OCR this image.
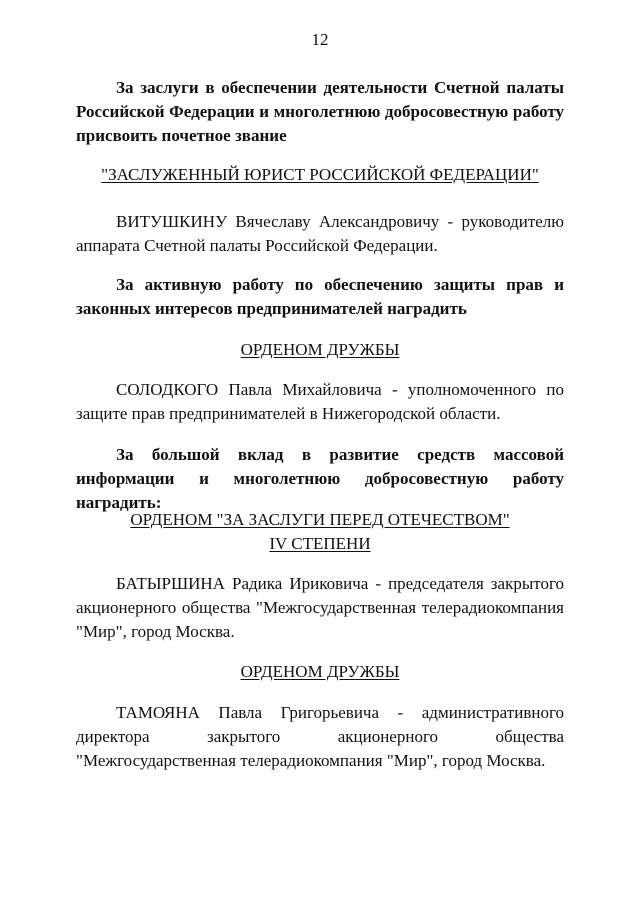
12
За заслуги в обеспечении деятельности Счетной палаты Российской Федерации и многолетнюю добросовестную работу присвоить почетное звание
"ЗАСЛУЖЕННЫЙ ЮРИСТ РОССИЙСКОЙ ФЕДЕРАЦИИ"
ВИТУШКИНУ Вячеславу Александровичу - руководителю аппарата Счетной палаты Российской Федерации.
За активную работу по обеспечению защиты прав и законных интересов предпринимателей наградить
ОРДЕНОМ ДРУЖБЫ
СОЛОДКОГО Павла Михайловича - уполномоченного по защите прав предпринимателей в Нижегородской области.
За большой вклад в развитие средств массовой информации и многолетнюю добросовестную работу наградить:
ОРДЕНОМ "ЗА ЗАСЛУГИ ПЕРЕД ОТЕЧЕСТВОМ"
IV СТЕПЕНИ
БАТЫРШИНА Радика Ириковича - председателя закрытого акционерного общества "Межгосударственная телерадиокомпания "Мир", город Москва.
ОРДЕНОМ ДРУЖБЫ
ТАМОЯНА Павла Григорьевича - административного директора закрытого акционерного общества "Межгосударственная телерадиокомпания "Мир", город Москва.
